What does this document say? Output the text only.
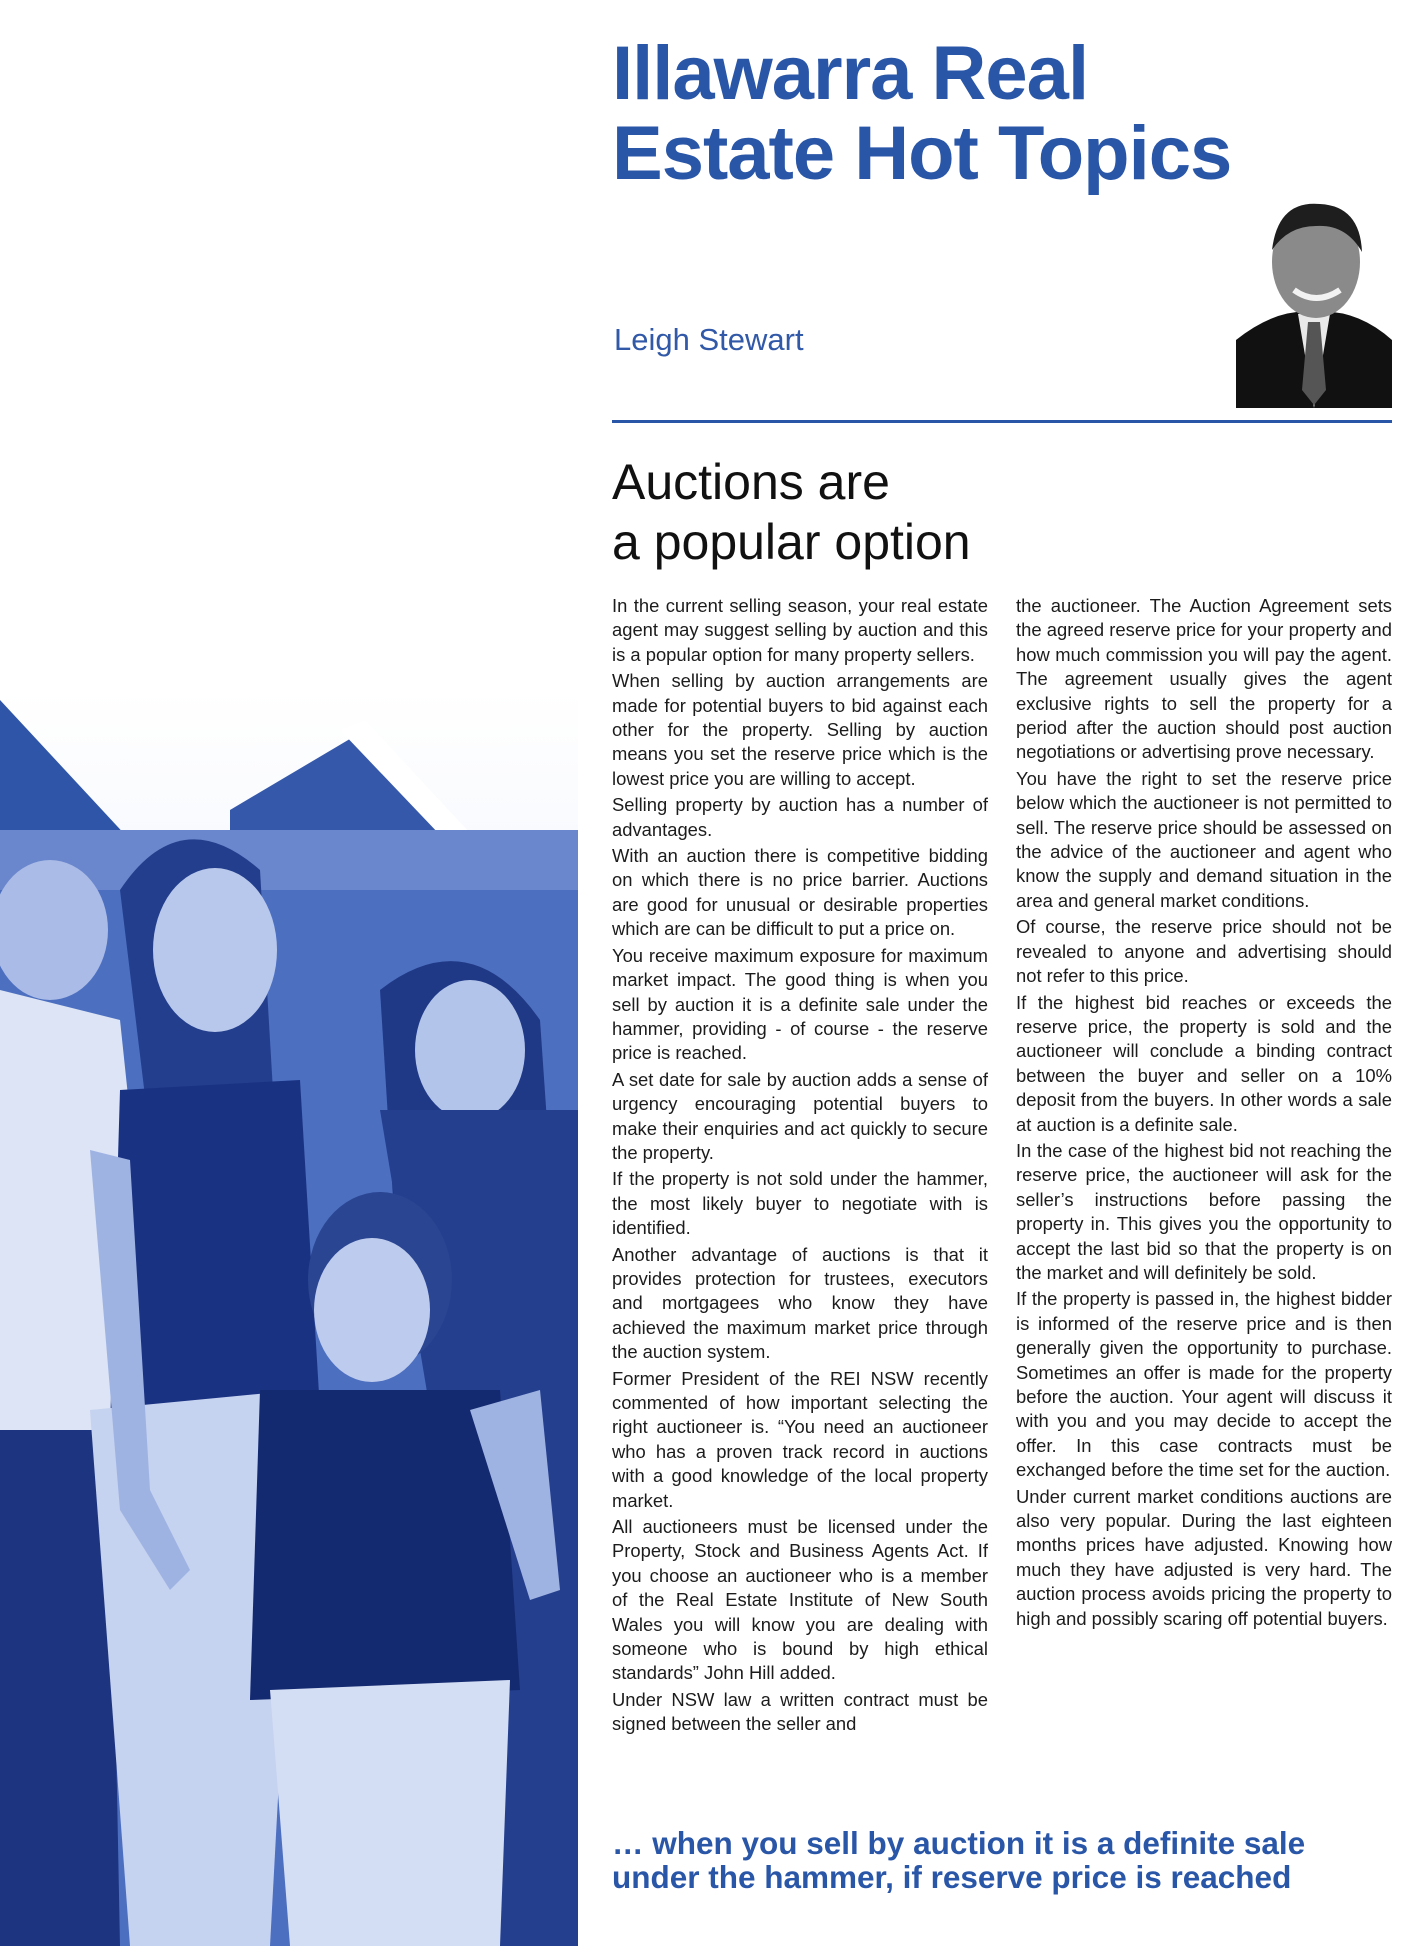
Illawarra Real
Estate Hot Topics
Leigh Stewart
Auctions are
a popular option

In the current selling season, your real estate agent may suggest selling by auction and this is a popular option for many property sellers.

When selling by auction arrangements are made for potential buyers to bid against each other for the property. Selling by auction means you set the reserve price which is the lowest price you are willing to accept.

Selling property by auction has a number of advantages.

With an auction there is competitive bidding on which there is no price barrier. Auctions are good for unusual or desirable properties which are can be difficult to put a price on.

You receive maximum exposure for maximum market impact. The good thing is when you sell by auction it is a definite sale under the hammer, providing - of course - the reserve price is reached.

A set date for sale by auction adds a sense of urgency encouraging potential buyers to make their enquiries and act quickly to secure the property.

If the property is not sold under the hammer, the most likely buyer to negotiate with is identified.

Another advantage of auctions is that it provides protection for trustees, executors and mortgagees who know they have achieved the maximum market price through the auction system.

Former President of the REI NSW recently commented of how important selecting the right auctioneer is. “You need an auctioneer who has a proven track record in auctions with a good knowledge of the local property market.

All auctioneers must be licensed under the Property, Stock and Business Agents Act. If you choose an auctioneer who is a member of the Real Estate Institute of New South Wales you will know you are dealing with someone who is bound by high ethical standards” John Hill added.

Under NSW law a written contract must be signed between the seller and

the auctioneer. The Auction Agreement sets the agreed reserve price for your property and how much commission you will pay the agent. The agreement usually gives the agent exclusive rights to sell the property for a period after the auction should post auction negotiations or advertising prove necessary.

You have the right to set the reserve price below which the auctioneer is not permitted to sell. The reserve price should be assessed on the advice of the auctioneer and agent who know the supply and demand situation in the area and general market conditions.

Of course, the reserve price should not be revealed to anyone and advertising should not refer to this price.

If the highest bid reaches or exceeds the reserve price, the property is sold and the auctioneer will conclude a binding contract between the buyer and seller on a 10% deposit from the buyers. In other words a sale at auction is a definite sale.

In the case of the highest bid not reaching the reserve price, the auctioneer will ask for the seller’s instructions before passing the property in. This gives you the opportunity to accept the last bid so that the property is on the market and will definitely be sold.

If the property is passed in, the highest bidder is informed of the reserve price and is then generally given the opportunity to purchase. Sometimes an offer is made for the property before the auction. Your agent will discuss it with you and you may decide to accept the offer. In this case contracts must be exchanged before the time set for the auction.

Under current market conditions auctions are also very popular. During the last eighteen months prices have adjusted. Knowing how much they have adjusted is very hard. The auction process avoids pricing the property to high and possibly scaring off potential buyers.

… when you sell by auction it is a definite sale
under the hammer, if reserve price is reached
